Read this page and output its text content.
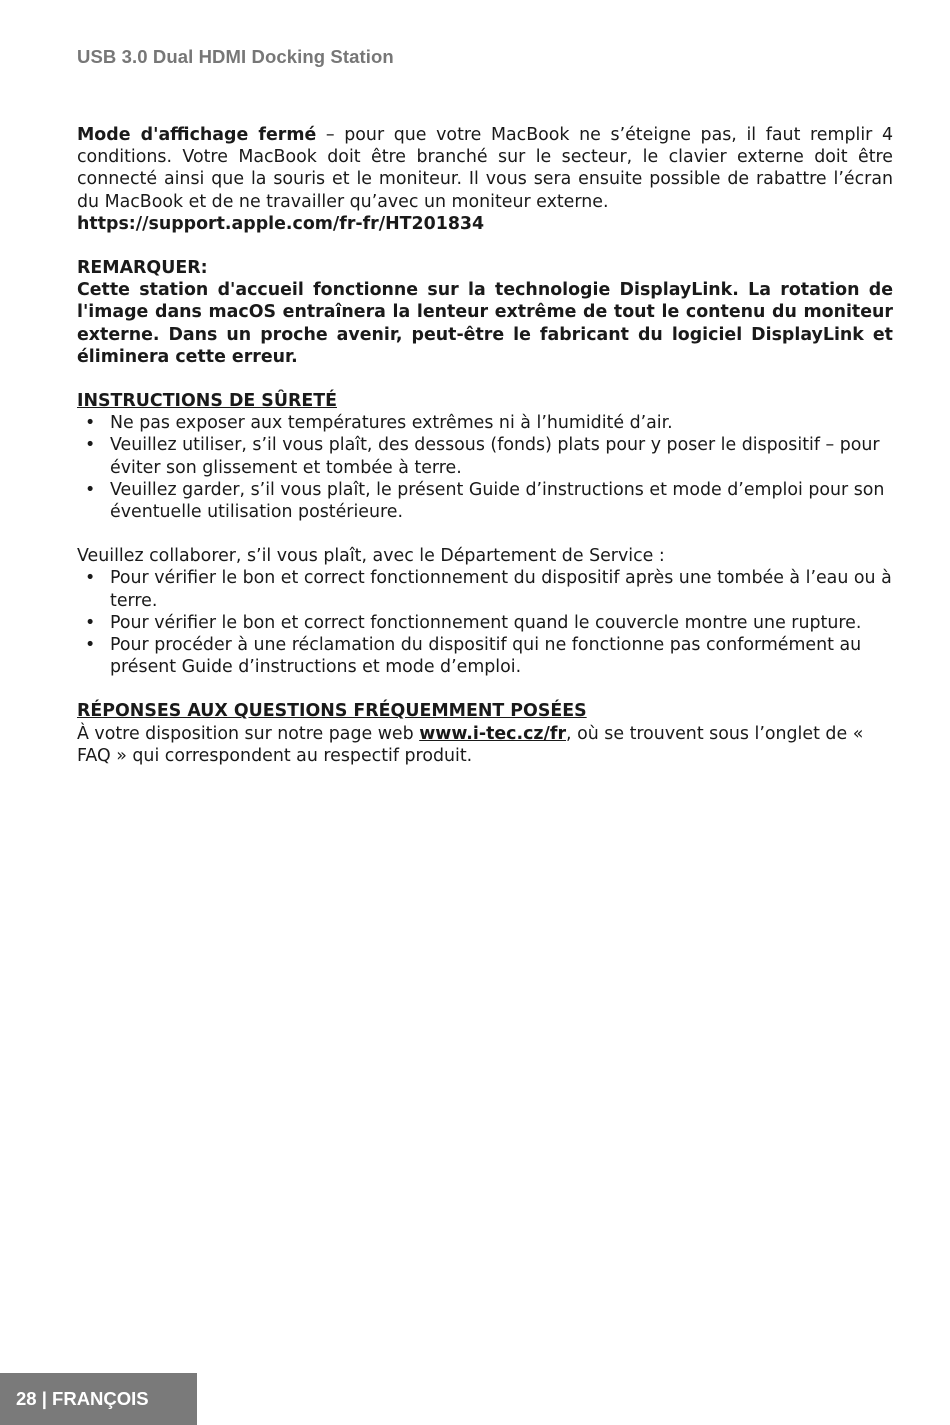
USB 3.0 Dual HDMI Docking Station

Mode d'affichage fermé – pour que votre MacBook ne s’éteigne pas, il faut remplir 4 conditions. Votre MacBook doit être branché sur le secteur, le clavier externe doit être connecté ainsi que la souris et le moniteur. Il vous sera ensuite possible de rabattre l’écran du MacBook et de ne travailler qu’avec un moniteur externe.

https://support.apple.com/fr-fr/HT201834

REMARQUER:

Cette station d'accueil fonctionne sur la technologie DisplayLink. La rotation de l'image dans macOS entraînera la lenteur extrême de tout le contenu du moniteur externe. Dans un proche avenir, peut-être le fabricant du logiciel DisplayLink et éliminera cette erreur.

INSTRUCTIONS DE SÛRETÉ

• Ne pas exposer aux températures extrêmes ni à l’humidité d’air.
• Veuillez utiliser, s’il vous plaît, des dessous (fonds) plats pour y poser le dispositif – pour éviter son glissement et tombée à terre.
• Veuillez garder, s’il vous plaît, le présent Guide d’instructions et mode d’emploi pour son éventuelle utilisation postérieure.

Veuillez collaborer, s’il vous plaît, avec le Département de Service :

• Pour vérifier le bon et correct fonctionnement du dispositif après une tombée à l’eau ou à terre.
• Pour vérifier le bon et correct fonctionnement quand le couvercle montre une rupture.
• Pour procéder à une réclamation du dispositif qui ne fonctionne pas conformément au présent Guide d’instructions et mode d’emploi.

RÉPONSES AUX QUESTIONS FRÉQUEMMENT POSÉES

À votre disposition sur notre page web www.i-tec.cz/fr, où se trouvent sous l’onglet de « FAQ » qui correspondent au respectif produit.

28 | FRANÇOIS
